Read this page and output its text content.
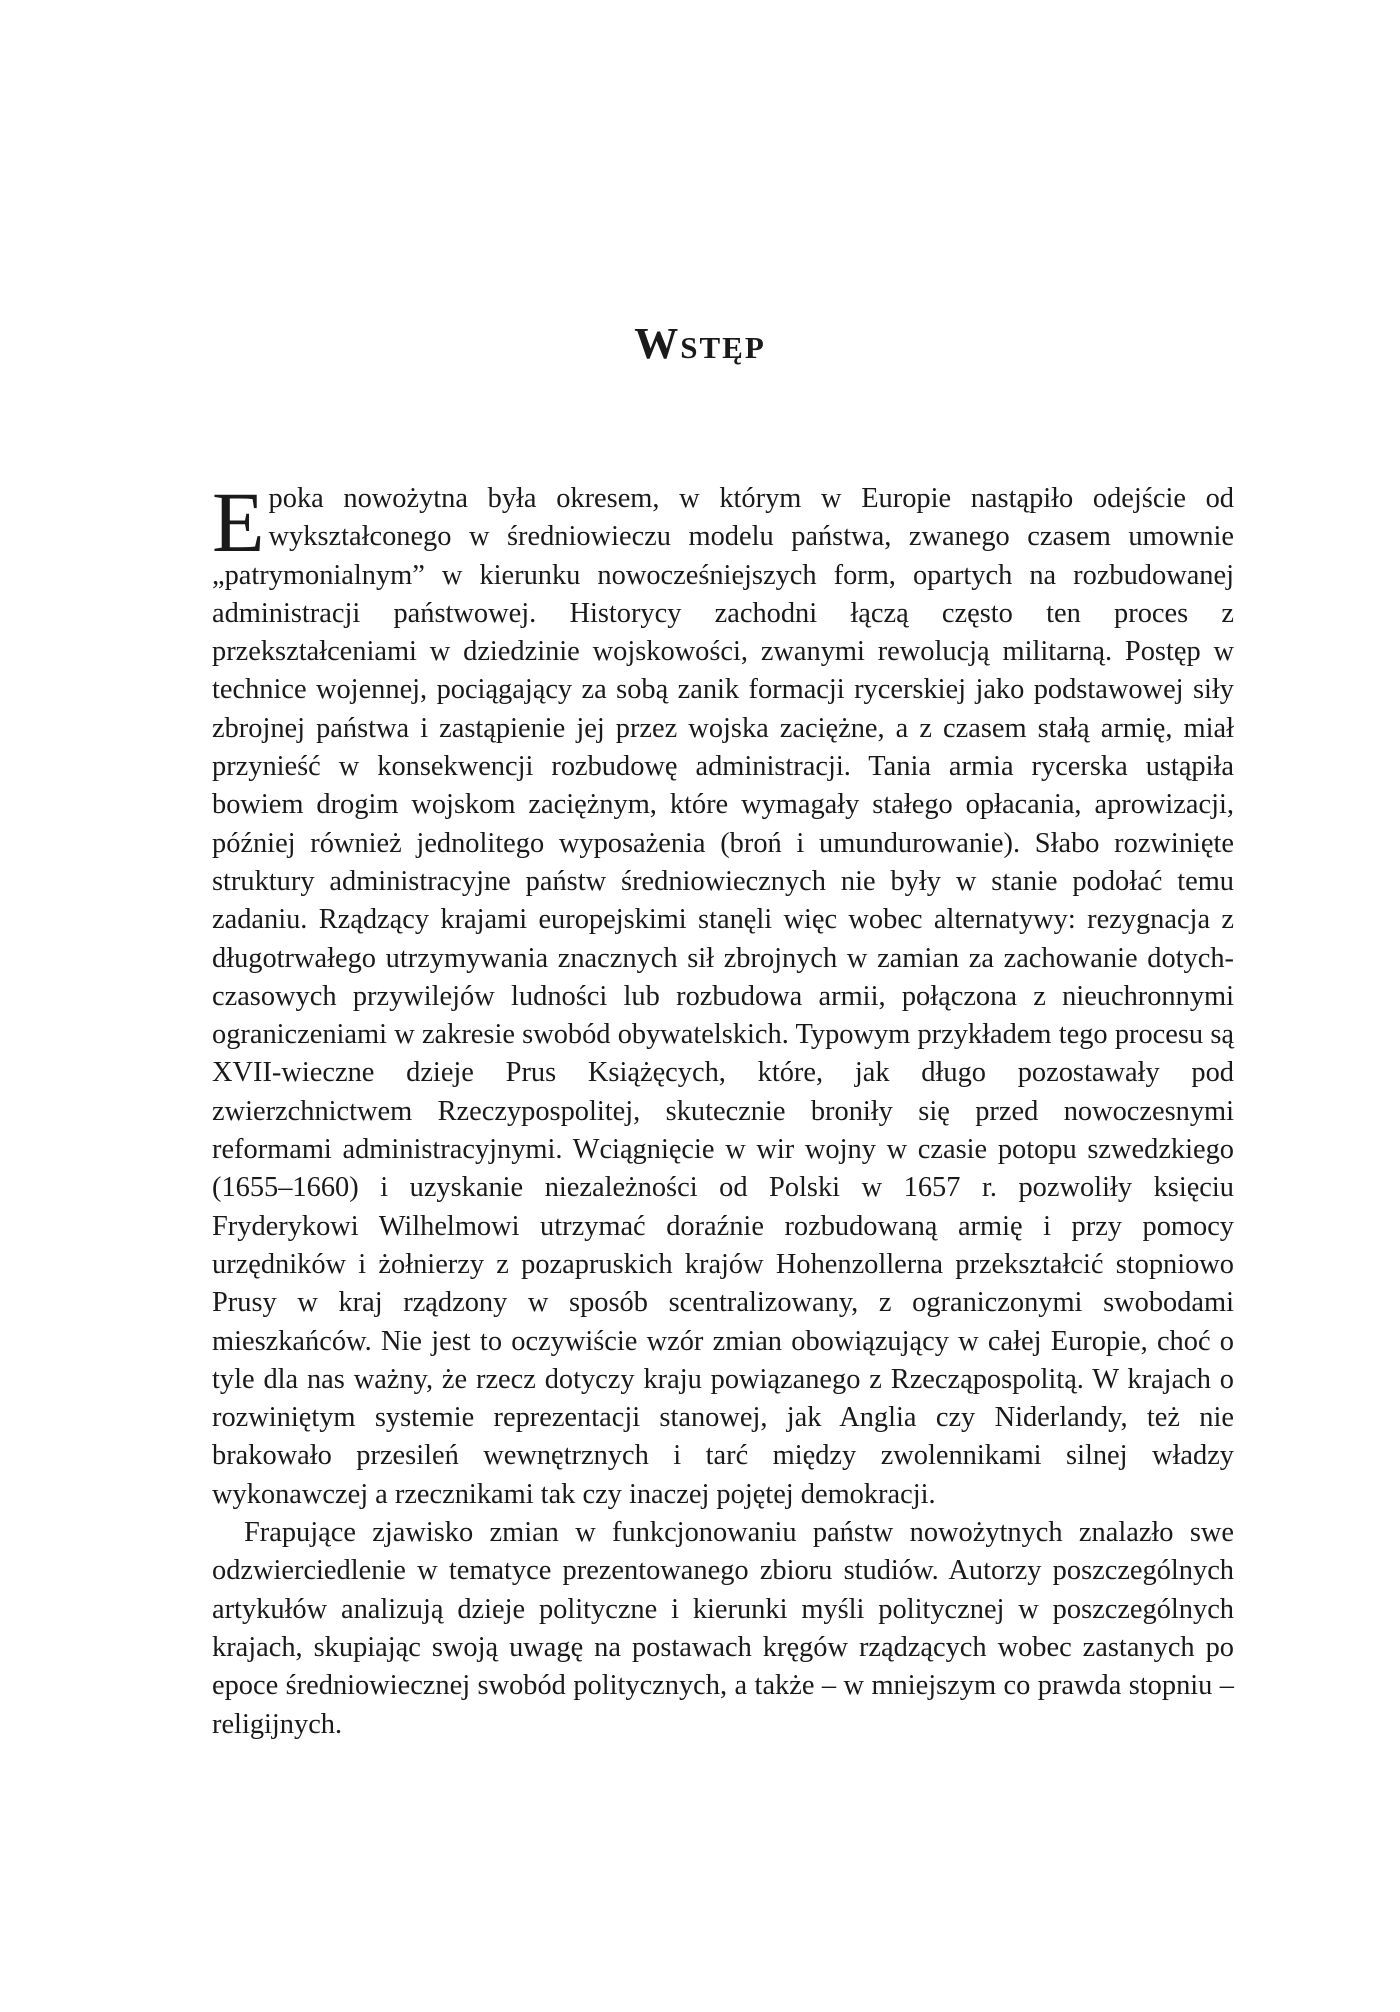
Wstęp

Epoka nowożytna była okresem, w którym w Europie nastąpiło odejście od wykształconego w średniowieczu modelu państwa, zwanego czasem umownie „patrymonialnym” w kierunku nowocześniejszych form, opartych na rozbudowanej administracji państwowej. Historycy zachodni łączą często ten proces z przekształceniami w dziedzinie wojskowości, zwanymi rewolucją militarną. Postęp w technice wojennej, pociągający za sobą zanik formacji rycerskiej jako podstawowej siły zbrojnej państwa i zastąpienie jej przez wojska zaciężne, a z czasem stałą armię, miał przynieść w konsekwencji rozbudowę administracji. Tania armia rycerska ustąpiła bowiem drogim wojskom zaciężnym, które wymagały stałego opłacania, aprowizacji, później również jednolitego wyposażenia (broń i umundurowanie). Słabo rozwinięte struktury administracyjne państw średniowiecznych nie były w stanie podołać temu zadaniu. Rządzący krajami europejskimi stanęli więc wobec alternatywy: rezygnacja z długotrwałego utrzymywania znacznych sił zbrojnych w zamian za zachowanie dotychczasowych przywilejów ludności lub rozbudowa armii, połączona z nieuchronnymi ograniczeniami w zakresie swobód obywatelskich. Typowym przykładem tego procesu są XVII-wieczne dzieje Prus Książęcych, które, jak długo pozostawały pod zwierzchnictwem Rzeczypospolitej, skutecznie broniły się przed nowoczesnymi reformami administracyjnymi. Wciągnięcie w wir wojny w czasie potopu szwedzkiego (1655–1660) i uzyskanie niezależności od Polski w 1657 r. pozwoliły księciu Fryderykowi Wilhelmowi utrzymać doraźnie rozbudowaną armię i przy pomocy urzędników i żołnierzy z pozapruskich krajów Hohenzollerna przekształcić stopniowo Prusy w kraj rządzony w sposób scentralizowany, z ograniczonymi swobodami mieszkańców. Nie jest to oczywiście wzór zmian obowiązujący w całej Europie, choć o tyle dla nas ważny, że rzecz dotyczy kraju powiązanego z Rzecząpospolitą. W krajach o rozwiniętym systemie reprezentacji stanowej, jak Anglia czy Niderlandy, też nie brakowało przesileń wewnętrznych i tarć między zwolennikami silnej władzy wykonawczej a rzecznikami tak czy inaczej pojętej demokracji.

Frapujące zjawisko zmian w funkcjonowaniu państw nowożytnych znalazło swe odzwierciedlenie w tematyce prezentowanego zbioru studiów. Autorzy poszczególnych artykułów analizują dzieje polityczne i kierunki myśli politycznej w poszczególnych krajach, skupiając swoją uwagę na postawach kręgów rządzących wobec zastanych po epoce średniowiecznej swobód politycznych, a także – w mniejszym co prawda stopniu – religijnych.
